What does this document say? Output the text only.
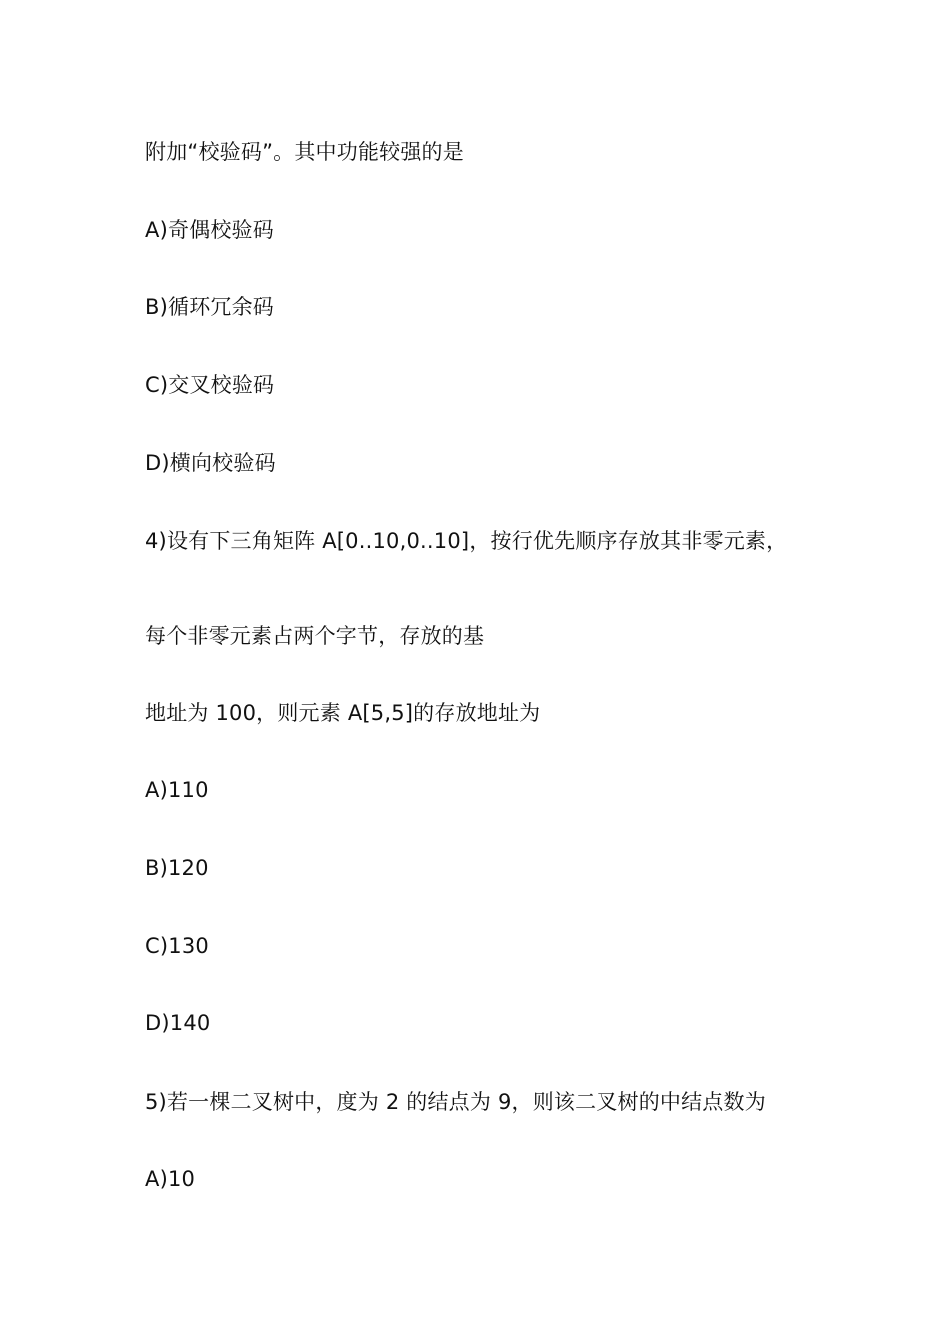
附加“校验码”。其中功能较强的是
A)奇偶校验码
B)循环冗余码
C)交叉校验码
D)横向校验码
4)设有下三角矩阵 A[0..10,0..10]，按行优先顺序存放其非零元素，
每个非零元素占两个字节，存放的基
地址为 100，则元素 A[5,5]的存放地址为
A)110
B)120
C)130
D)140
5)若一棵二叉树中，度为 2 的结点为 9，则该二叉树的中结点数为
A)10
